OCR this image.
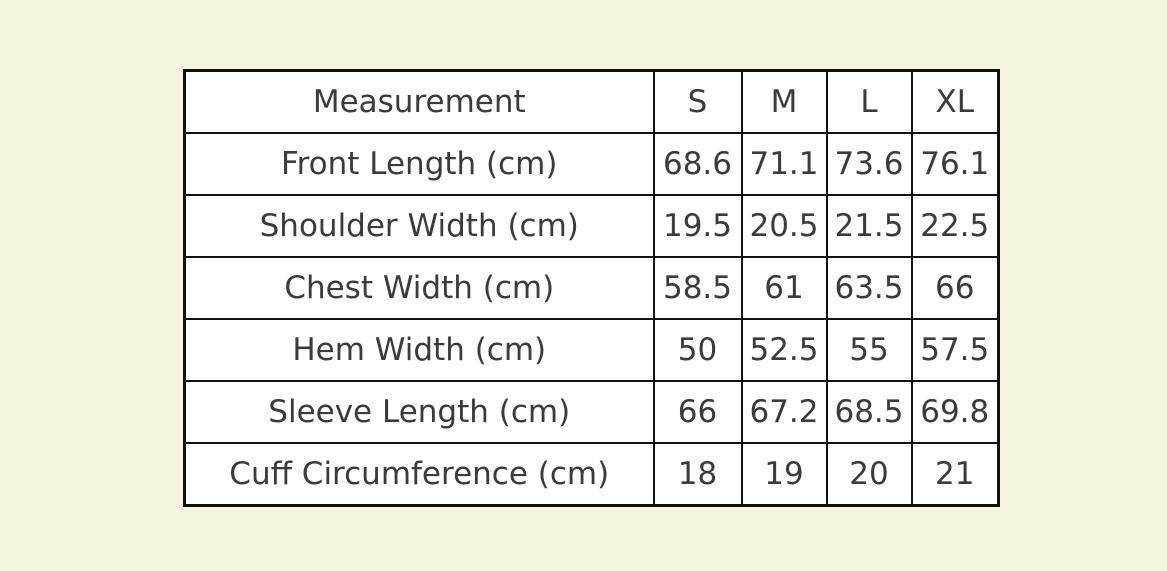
Measurement	S	M	L	XL
Front Length (cm)	68.6	71.1	73.6	76.1
Shoulder Width (cm)	19.5	20.5	21.5	22.5
Chest Width (cm)	58.5	61	63.5	66
Hem Width (cm)	50	52.5	55	57.5
Sleeve Length (cm)	66	67.2	68.5	69.8
Cuff Circumference (cm)	18	19	20	21
